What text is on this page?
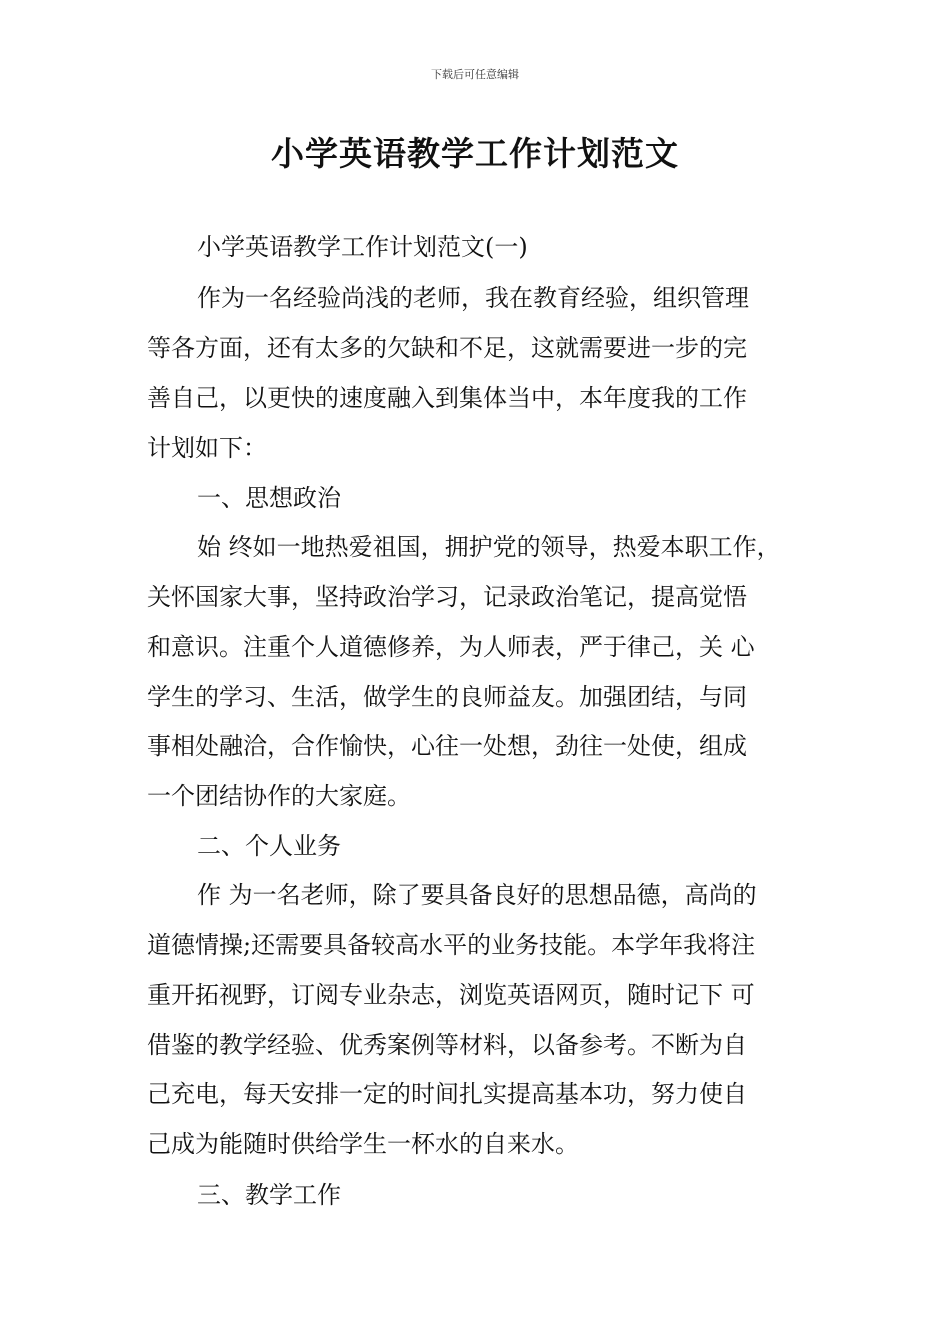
下载后可任意编辑
小学英语教学工作计划范文
小学英语教学工作计划范文(一)
作为一名经验尚浅的老师，我在教育经验，组织管理
等各方面，还有太多的欠缺和不足，这就需要进一步的完
善自己，以更快的速度融入到集体当中，本年度我的工作
计划如下：
一、思想政治
始 终如一地热爱祖国，拥护党的领导，热爱本职工作，
关怀国家大事，坚持政治学习，记录政治笔记，提高觉悟
和意识。注重个人道德修养，为人师表，严于律己，关 心
学生的学习、生活，做学生的良师益友。加强团结，与同
事相处融洽，合作愉快，心往一处想，劲往一处使，组成
一个团结协作的大家庭。
二、个人业务
作 为一名老师，除了要具备良好的思想品德，高尚的
道德情操;还需要具备较高水平的业务技能。本学年我将注
重开拓视野，订阅专业杂志，浏览英语网页，随时记下 可
借鉴的教学经验、优秀案例等材料，以备参考。不断为自
己充电，每天安排一定的时间扎实提高基本功，努力使自
己成为能随时供给学生一杯水的自来水。
三、教学工作
